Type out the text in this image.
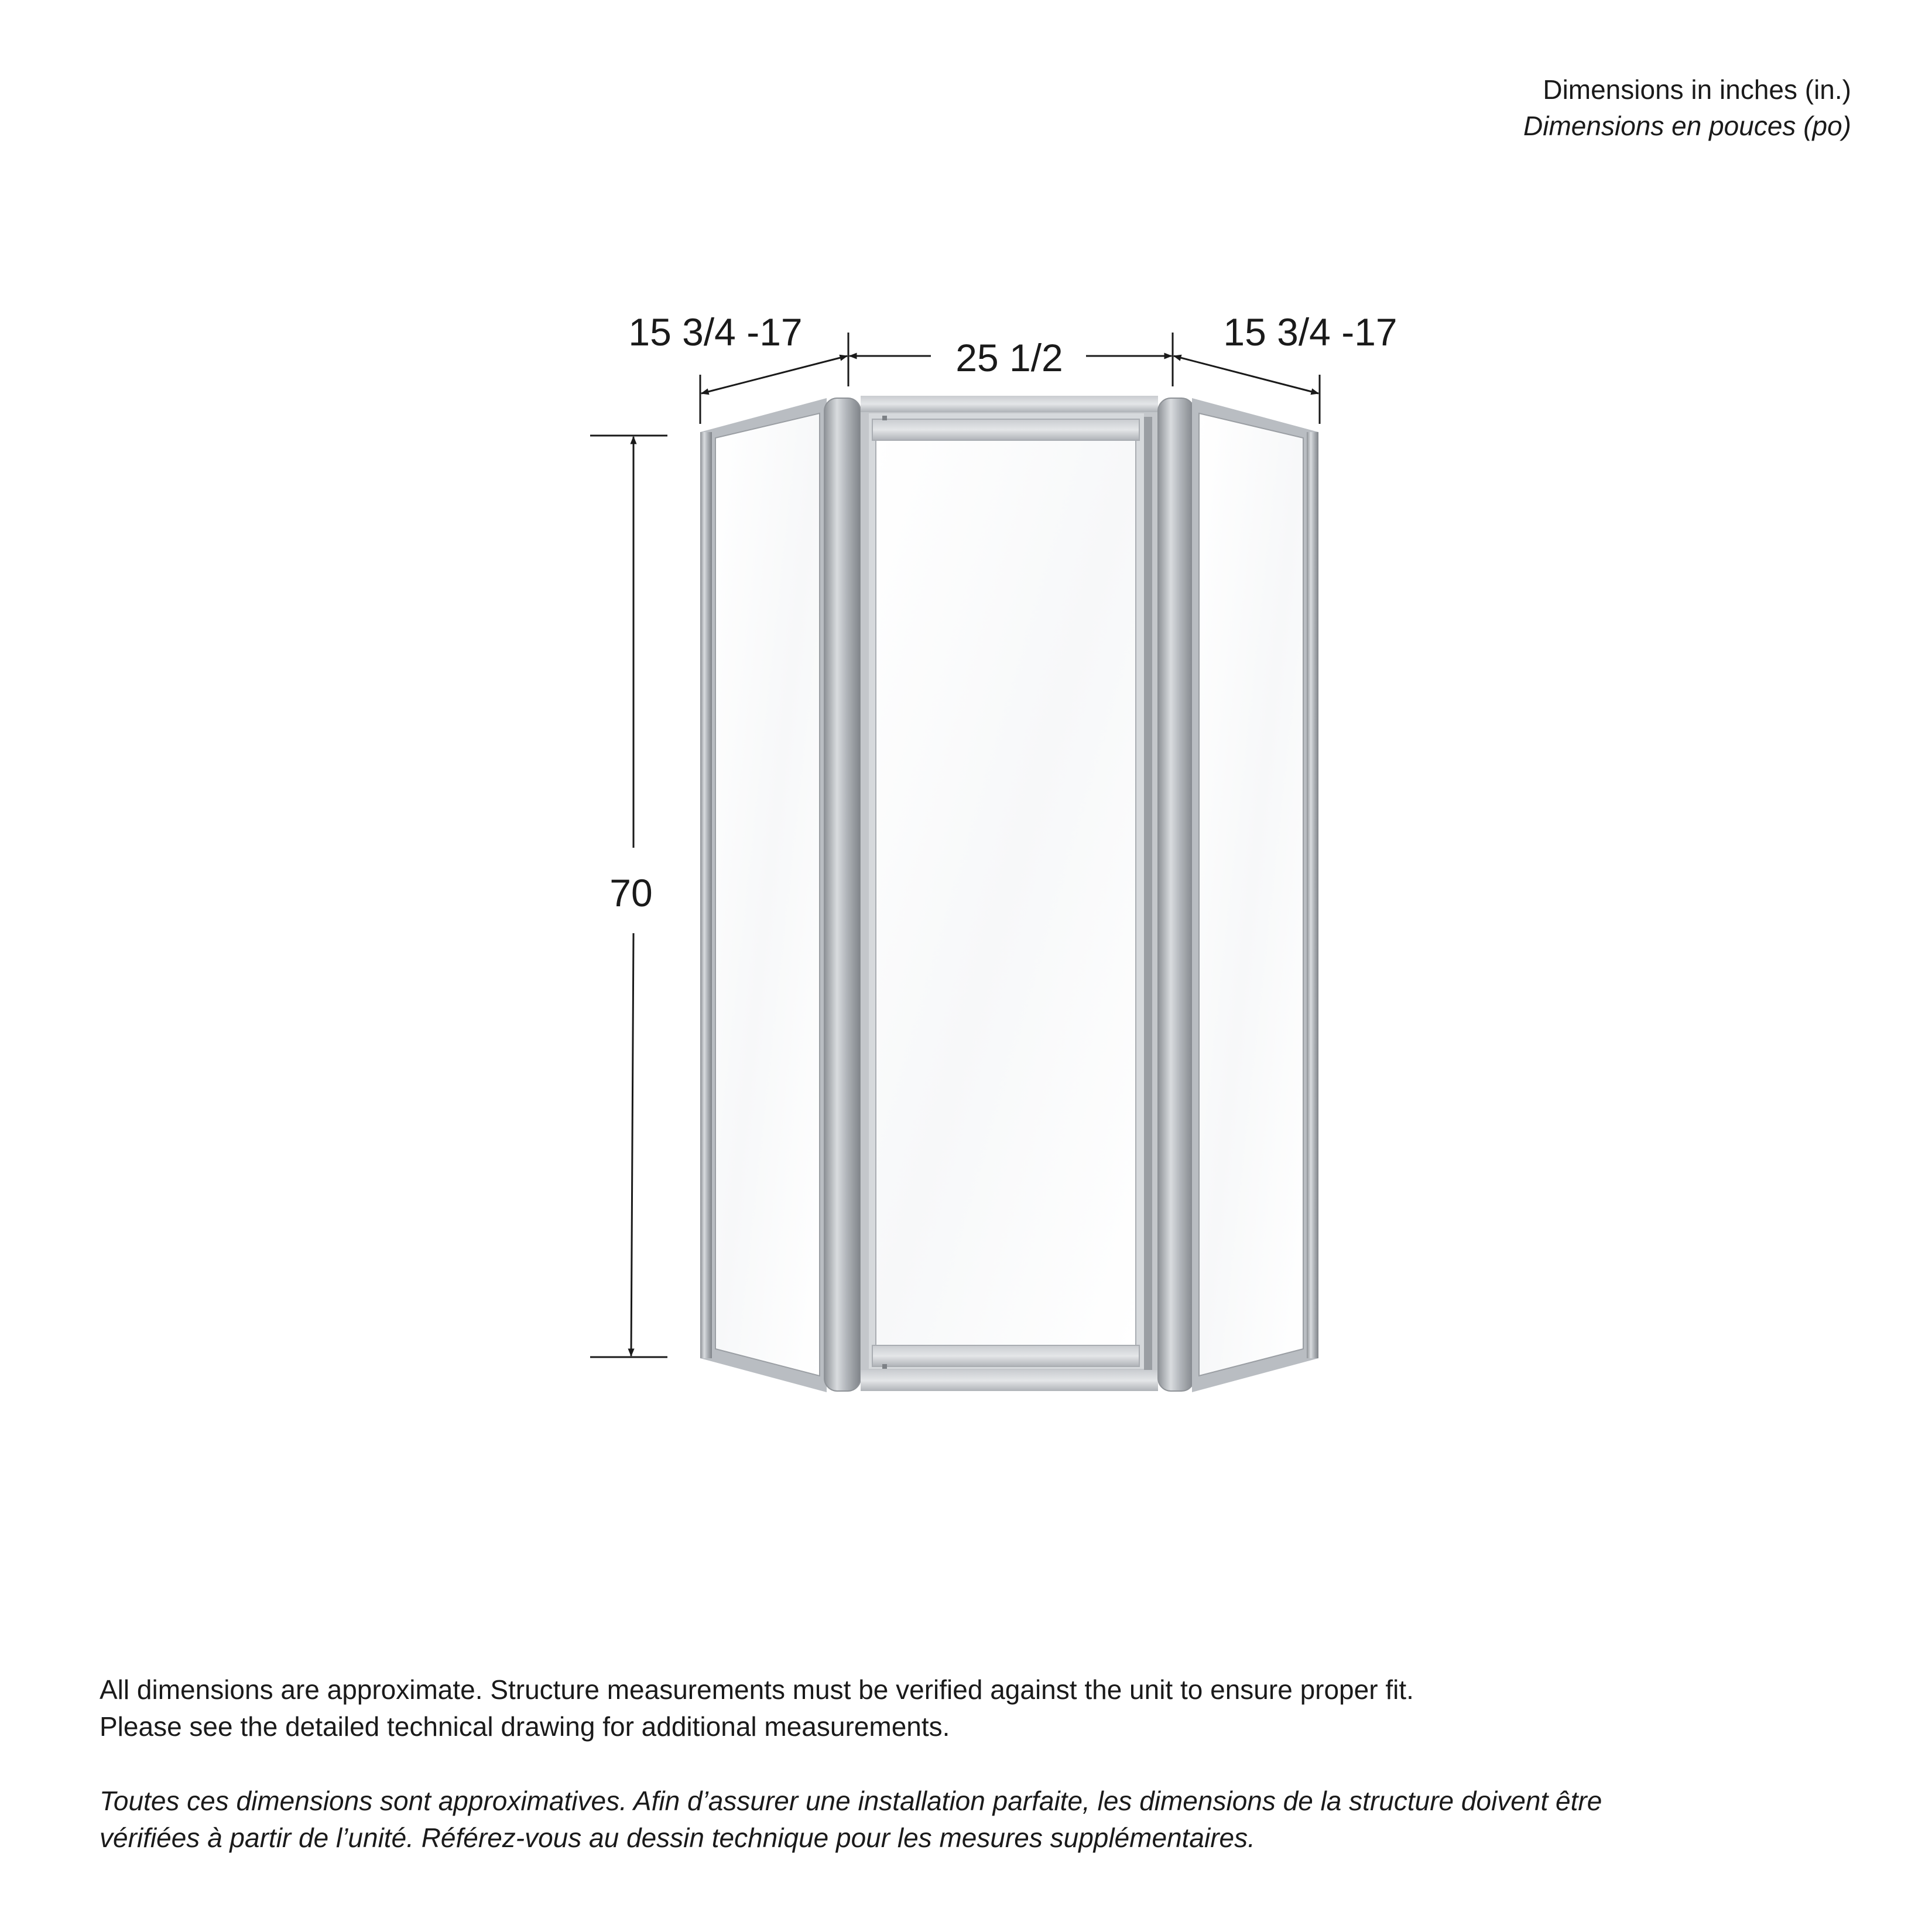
Dimensions in inches (in.)
Dimensions en pouces (po)
15 3/4 -17
25 1/2
15 3/4 -17
70

All dimensions are approximate. Structure measurements must be verified against the unit to ensure proper fit.

Please see the detailed technical drawing for additional measurements.

Toutes ces dimensions sont approximatives. Afin d’assurer une installation parfaite, les dimensions de la structure doivent être

vérifiées à partir de l’unité. Référez-vous au dessin technique pour les mesures supplémentaires.
